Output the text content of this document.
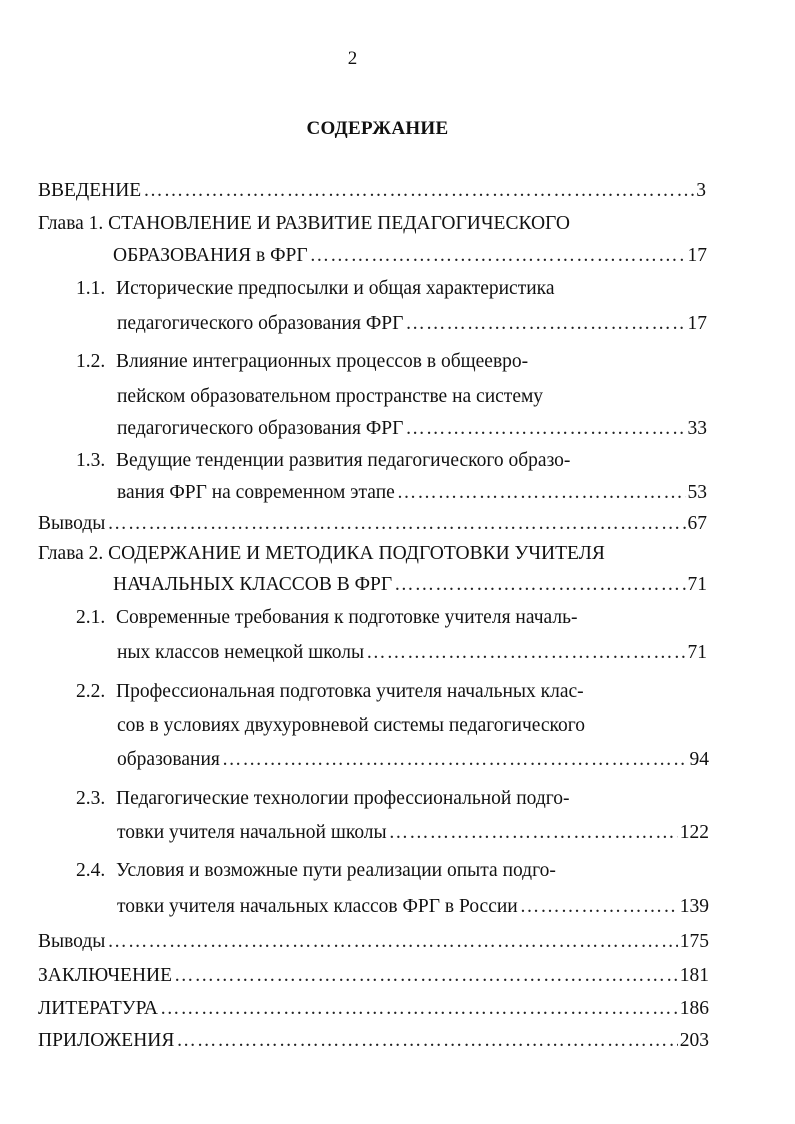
2
СОДЕРЖАНИЕ
ВВЕДЕНИЕ ……………………………………………………………………………………………………………………………………………………………	3
Глава 1. СТАНОВЛЕНИЕ И РАЗВИТИЕ ПЕДАГОГИЧЕСКОГО
ОБРАЗОВАНИЯ в ФРГ ……………………………………………………………………………………………………………………………………………………………	17
1.1. Исторические предпосылки и общая характеристика
педагогического образования ФРГ ……………………………………………………………………………………………………………………………………………………………	17
1.2. Влияние интеграционных процессов в общеевро-
пейском образовательном пространстве на систему
педагогического образования ФРГ ……………………………………………………………………………………………………………………………………………………………	33
1.3. Ведущие тенденции развития педагогического образо-
вания ФРГ на современном этапе ……………………………………………………………………………………………………………………………………………………………	53
Выводы ……………………………………………………………………………………………………………………………………………………………	67
Глава 2. СОДЕРЖАНИЕ И МЕТОДИКА ПОДГОТОВКИ УЧИТЕЛЯ
НАЧАЛЬНЫХ КЛАССОВ В ФРГ ……………………………………………………………………………………………………………………………………………………………	71
2.1. Современные требования к подготовке учителя началь-
ных классов немецкой школы ……………………………………………………………………………………………………………………………………………………………	71
2.2. Профессиональная подготовка учителя начальных клас-
сов в условиях двухуровневой системы педагогического
образования ……………………………………………………………………………………………………………………………………………………………	94
2.3. Педагогические технологии профессиональной подго-
товки учителя начальной школы ……………………………………………………………………………………………………………………………………………………………	122
2.4. Условия и возможные пути реализации опыта подго-
товки учителя начальных классов ФРГ в России ……………………………………………………………………………………………………………………………………………………………	139
Выводы ……………………………………………………………………………………………………………………………………………………………	175
ЗАКЛЮЧЕНИЕ ……………………………………………………………………………………………………………………………………………………………	181
ЛИТЕРАТУРА ……………………………………………………………………………………………………………………………………………………………	186
ПРИЛОЖЕНИЯ ……………………………………………………………………………………………………………………………………………………………	203
